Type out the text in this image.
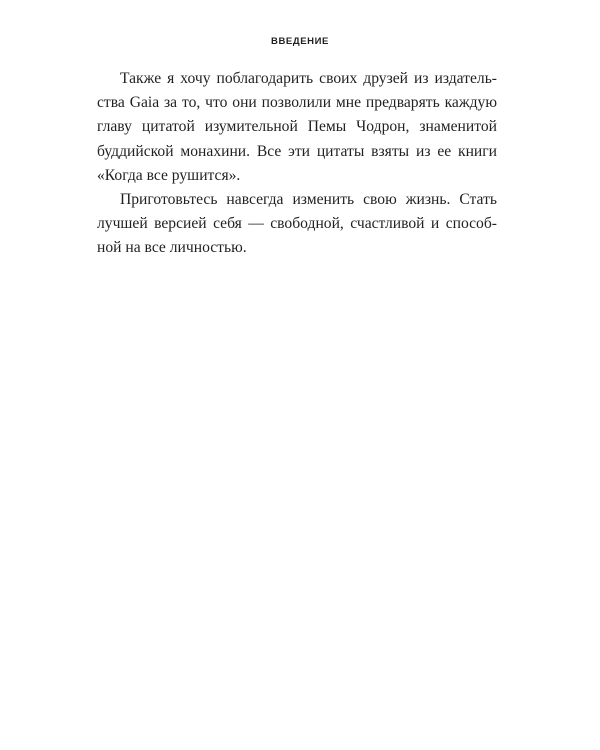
ВВЕДЕНИЕ
Также я хочу поблагодарить своих друзей из издатель-
ства Gaia за то, что они позволили мне предварять каждую
главу цитатой изумительной Пемы Чодрон, знаменитой
буддийской монахини. Все эти цитаты взяты из ее книги
«Когда все рушится».
Приготовьтесь навсегда изменить свою жизнь. Стать
лучшей версией себя — свободной, счастливой и способ-
ной на все личностью.
